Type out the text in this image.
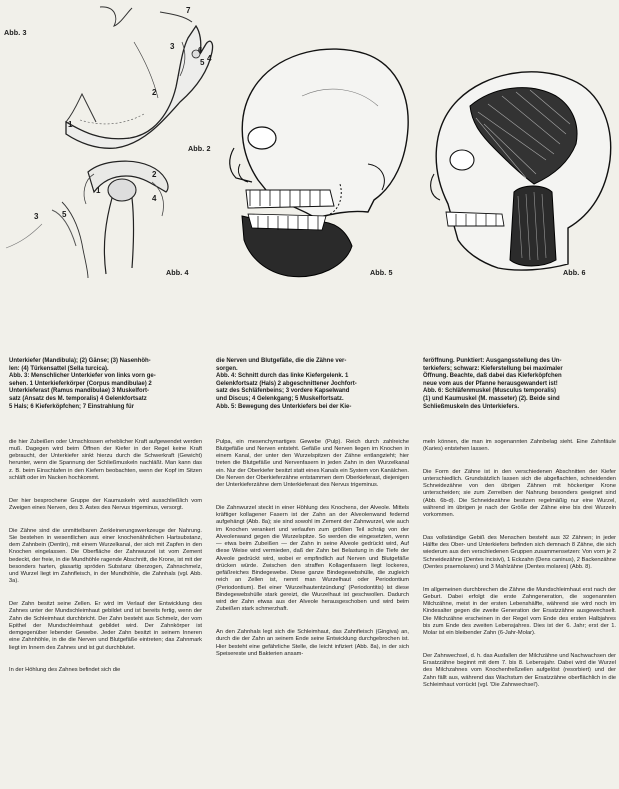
1
2
3
4
5
6
7
Abb. 2
Abb. 3
1
2
3
4
5
Abb. 4	Abb. 5	Abb. 6
Unterkiefer (Mandibula); (2) Gänse; (3) Nasenhöh-
len: (4) Türkensattel (Sella turcica).
Abb. 3: Menschlicher Unterkiefer von links vorn ge-
sehen. 1 Unterkieferkörper (Corpus mandibulae) 2
Unterkieferast (Ramus mandibulae) 3 Muskelfort-
satz (Ansatz des M. temporalis) 4 Gelenkfortsatz
5 Hals; 6 Kieferköpfchen; 7 Einstrahlung für
die Nerven und Blutgefäße, die die Zähne ver-
sorgen.
Abb. 4: Schnitt durch das linke Kiefergelenk. 1
Gelenkfortsatz (Hals) 2 abgeschnittener Jochfort-
satz des Schläfenbeins; 3 vordere Kapselwand
und Discus; 4 Gelenkgang; 5 Muskelfortsatz.
Abb. 5: Bewegung des Unterkiefers bei der Kie-
feröffnung. Punktiert: Ausgangsstellung des Un-
terkiefers; schwarz: Kieferstellung bei maximaler
Öffnung. Beachte, daß dabei das Kieferköpfchen
neue vom aus der Pfanne herausgewandert ist!
Abb. 6: Schläfenmuskel (Musculus temporalis)
(1) und Kaumuskel (M. masseter) (2). Beide sind
Schließmuskeln des Unterkiefers.

die hier Zubeißen oder Umschlossen erheblicher Kraft aufgewendet werden muß. Dagegen wird beim Öffnen der Kiefer in der Regel keine Kraft gebraucht, der Unterkiefer sinkt hierzu durch die Schwerkraft (Gewicht) herunter, wenn die Spannung der Schließmuskeln nachläßt. Man kann das z. B. beim Einschlafen in den Kiefern beobachten, wenn der Kopf im Sitzen schläft oder im Nacken hochkommt.

Der hier besprochene Gruppe der Kaumuskeln wird ausschließlich vom Zweigen eines Nerven, des 3. Astes des Nervus trigeminus, versorgt.

Die Zähne sind die unmittelbaren Zerkleinerungswerkzeuge der Nahrung. Sie bestehen in wesentlichen aus einer knochenähnlichen Hartsubstanz, dem Zahnbein (Dentin), mit einem Wurzelkanal, der sich mit Zapfen in den Knochen eingelassen. Die Oberfläche der Zahnwurzel ist vom Zement bedeckt, der freie, in die Mundhöhle ragende Abschnitt, die Krone, ist mit der besonders harten, glasartig spröden Substanz überzogen, Zahnschmelz, und Wurzel liegt im Zahnfleisch, in der Mundhöhle, die Zahnhals (vgl. Abb. 3a).

Der Zahn besitzt seine Zellen. Er wird im Verlauf der Entwicklung des Zahnes unter der Mundschleimhaut gebildet und ist bereits fertig, wenn der Zahn die Schleimhaut durchbricht. Der Zahn besteht aus Schmelz, der vom Epithel der Mundschleimhaut gebildet wird. Der Zahnkörper ist demgegenüber lebender Gewebe. Jeder Zahn besitzt in seinem Inneren eine Zahnhöhle, in die die Nerven und Blutgefäße eintreten; das Zahnmark liegt im Innern des Zahnes und ist gut durchblutet.

In der Höhlung des Zahnes befindet sich die

Pulpa, ein mesenchymartiges Gewebe (Pulp). Reich durch zahlreiche Blutgefäße und Nerven entsteht. Gefäße und Nerven liegen im Knochen in einem Kanal, der unter den Wurzelspitzen der Zähne entlangzieht; hier treten die Blutgefäße und Nervenfasern in jeden Zahn in den Wurzelkanal ein. Nur der Oberkiefer besitzt statt eines Kanals ein System von Kanälchen. Die Nerven der Oberkieferzähne entstammen dem Oberkieferast, diejenigen der Unterkieferzähne dem Unterkieferast des Nervus trigeminus.

Die Zahnwurzel steckt in einer Höhlung des Knochens, der Alveole. Mittels kräftiger kollagener Fasern ist der Zahn an der Alveolenwand federnd aufgehängt (Abb. 8a); sie sind sowohl im Zement der Zahnwurzel, wie auch im Knochen verankert und verlaufen zum größten Teil schräg von der Alveolenwand gegen die Wurzelspitze. So werden die eingesetzten, wenn — etwa beim Zubeißen — der Zahn in seine Alveole gedrückt wird, Auf diese Weise wird vermieden, daß der Zahn bei Belastung in die Tiefe der Alveole gedrückt wird, wobei er empfindlich auf Nerven und Blutgefäße drücken würde. Zwischen den straffen Kollagenfasern liegt lockeres, gefäßreiches Bindegewebe. Diese ganze Bindegewebshülle, die zugleich reich an Zellen ist, nennt man Wurzelhaut oder Periodontium (Periodontium). Bei einer 'Wurzelhautentzündung' (Periodontitis) ist diese Bindegewebshülle stark gereizt, die Wurzelhaut ist geschwollen. Dadurch wird der Zahn etwas aus der Alveole herausgeschoben und wird beim Zubeißen stark schmerzhaft.

An den Zahnhals legt sich die Schleimhaut, das Zahnfleisch (Gingiva) an, durch die der Zahn an seinem Ende seine Entwicklung durchgebrochen ist. Hier besteht eine gefährliche Stelle, die leicht infiziert (Abb. 8a), in der sich Speisereste und Bakterien ansam-

meln können, die man im sogenannten Zahnbelag sieht. Eine Zahnfäule (Karies) entstehen lassen.

Die Form der Zähne ist in den verschiedenen Abschnitten der Kiefer unterschiedlich. Grundsätzlich lassen sich die abgeflachten, schneidenden Schneidezähne von den übrigen Zähnen mit höckeriger Krone unterscheiden; sie zum Zerreiben der Nahrung besonders geeignet sind (Abb. 6b-d). Die Schneidezähne besitzen regelmäßig nur eine Wurzel, während im übrigen je nach der Größe der Zähne eine bis drei Wurzeln vorkommen.

Das vollständige Gebiß des Menschen besteht aus 32 Zähnen; in jeder Hälfte des Ober- und Unterkiefers befinden sich demnach 8 Zähne, die sich wiederum aus den verschiedenen Gruppen zusammensetzen: Von vorn je 2 Schneidezähne (Dentes incisivi), 1 Eckzahn (Dens caninus), 2 Backenzähne (Dentes praemolares) und 3 Mahlzähne (Dentes molares) (Abb. 8).

Im allgemeinen durchbrechen die Zähne die Mundschleimhaut erst nach der Geburt. Dabei erfolgt die erste Zahngeneration, die sogenannten Milchzähne, meist in der ersten Lebenshälfte, während sie wird noch im Kindesalter gegen die zweite Generation der Ersatzzähne ausgewechselt. Die Milchzähne erscheinen in der Regel vom Ende des ersten Halbjahres bis zum Ende des zweiten Lebensjahres. Dies ist der 6. Jahr; erst der 1. Molar ist ein bleibender Zahn (6-Jahr-Molar).

Der Zahnwechsel, d. h. das Ausfallen der Milchzähne und Nachwachsen der Ersatzzähne beginnt mit dem 7. bis 8. Lebensjahr. Dabei wird die Wurzel des Milchzahnes vom Knochenfreßzellen aufgelöst (resorbiert) und der Zahn fällt aus, während das Wachstum der Ersatzzähne oberflächlich in die Schleimhaut vorrückt (vgl. 'Die Zahnwechsel').
